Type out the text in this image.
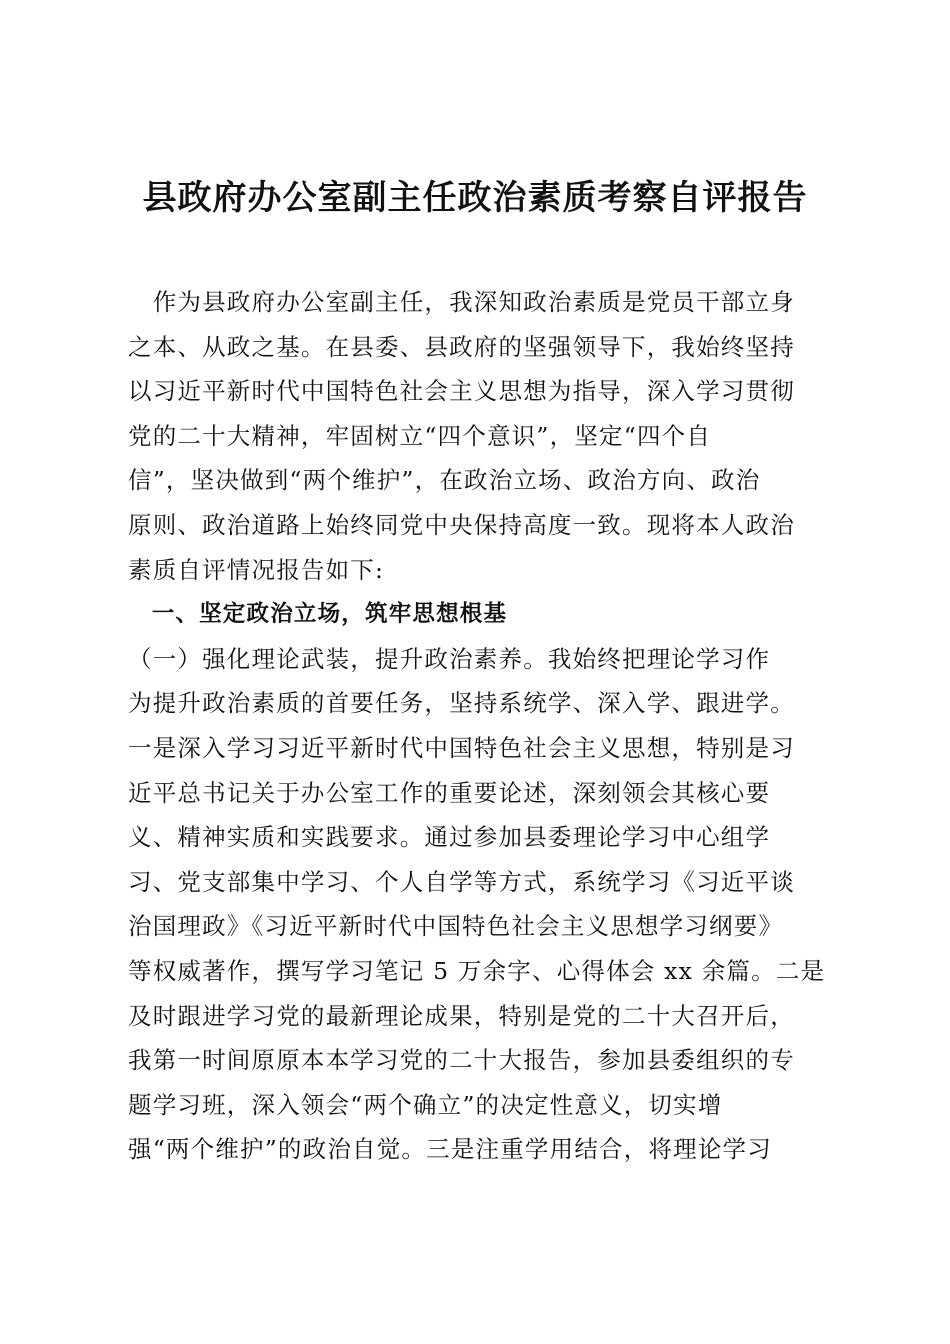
县政府办公室副主任政治素质考察自评报告
　作为县政府办公室副主任，我深知政治素质是党员干部立身
之本、从政之基。在县委、县政府的坚强领导下，我始终坚持
以习近平新时代中国特色社会主义思想为指导，深入学习贯彻
党的二十大精神，牢固树立“四个意识”，坚定“四个自
信”，坚决做到“两个维护”，在政治立场、政治方向、政治
原则、政治道路上始终同党中央保持高度一致。现将本人政治
素质自评情况报告如下:
　一、坚定政治立场，筑牢思想根基
（一）强化理论武装，提升政治素养。我始终把理论学习作
为提升政治素质的首要任务，坚持系统学、深入学、跟进学。
一是深入学习习近平新时代中国特色社会主义思想，特别是习
近平总书记关于办公室工作的重要论述，深刻领会其核心要
义、精神实质和实践要求。通过参加县委理论学习中心组学
习、党支部集中学习、个人自学等方式，系统学习《习近平谈
治国理政》《习近平新时代中国特色社会主义思想学习纲要》
等权威著作，撰写学习笔记 5 万余字、心得体会 xx 余篇。二是
及时跟进学习党的最新理论成果，特别是党的二十大召开后，
我第一时间原原本本学习党的二十大报告，参加县委组织的专
题学习班，深入领会“两个确立”的决定性意义，切实增
强“两个维护”的政治自觉。三是注重学用结合，将理论学习
